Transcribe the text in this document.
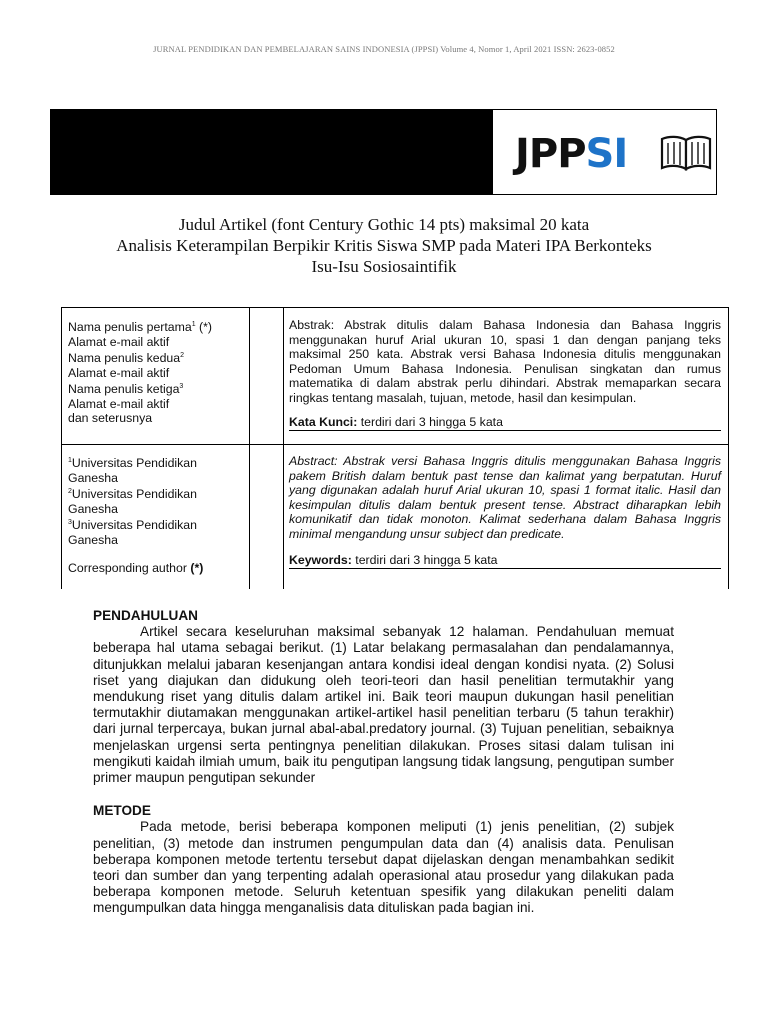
JURNAL PENDIDIKAN DAN PEMBELAJARAN SAINS INDONESIA (JPPSI) Volume 4, Nomor 1, April 2021 ISSN: 2623-0852
JPPSI
Judul Artikel (font Century Gothic 14 pts) maksimal 20 kata
Analisis Keterampilan Berpikir Kritis Siswa SMP pada Materi IPA Berkonteks
Isu-Isu Sosiosaintifik
Nama penulis pertama$^1$ (*)
Alamat e-mail aktif
Nama penulis kedua$^2$
Alamat e-mail aktif
Nama penulis ketiga$^3$
Alamat e-mail aktif
dan seterusnya
Abstrak: Abstrak ditulis dalam Bahasa Indonesia dan Bahasa Inggris menggunakan huruf Arial ukuran 10, spasi 1 dan dengan panjang teks maksimal 250 kata. Abstrak versi Bahasa Indonesia ditulis menggunakan Pedoman Umum Bahasa Indonesia. Penulisan singkatan dan rumus matematika di dalam abstrak perlu dihindari. Abstrak memaparkan secara ringkas tentang masalah, tujuan, metode, hasil dan kesimpulan.
Kata Kunci: terdiri dari 3 hingga 5 kata
$^1$Universitas Pendidikan
Ganesha
$^2$Universitas Pendidikan
Ganesha
$^3$Universitas Pendidikan
Ganesha
Corresponding author (*)
Abstract: Abstrak versi Bahasa Inggris ditulis menggunakan Bahasa Inggris pakem British dalam bentuk past tense dan kalimat yang berpatutan. Huruf yang digunakan adalah huruf Arial ukuran 10, spasi 1 format italic. Hasil dan kesimpulan ditulis dalam bentuk present tense. Abstract diharapkan lebih komunikatif dan tidak monoton. Kalimat sederhana dalam Bahasa Inggris minimal mengandung unsur subject dan predicate.
Keywords: terdiri dari 3 hingga 5 kata
PENDAHULUAN

Artikel secara keseluruhan maksimal sebanyak 12 halaman. Pendahuluan memuat beberapa hal utama sebagai berikut. (1) Latar belakang permasalahan dan pendalamannya, ditunjukkan melalui jabaran kesenjangan antara kondisi ideal dengan kondisi nyata. (2) Solusi riset yang diajukan dan didukung oleh teori-teori dan hasil penelitian termutakhir yang mendukung riset yang ditulis dalam artikel ini. Baik teori maupun dukungan hasil penelitian termutakhir diutamakan menggunakan artikel-artikel hasil penelitian terbaru (5 tahun terakhir) dari jurnal terpercaya, bukan jurnal abal-abal.predatory journal. (3) Tujuan penelitian, sebaiknya menjelaskan urgensi serta pentingnya penelitian dilakukan. Proses sitasi dalam tulisan ini mengikuti kaidah ilmiah umum, baik itu pengutipan langsung tidak langsung, pengutipan sumber primer maupun pengutipan sekunder

METODE

Pada metode, berisi beberapa komponen meliputi (1) jenis penelitian, (2) subjek penelitian, (3) metode dan instrumen pengumpulan data dan (4) analisis data. Penulisan beberapa komponen metode tertentu tersebut dapat dijelaskan dengan menambahkan sedikit teori dan sumber dan yang terpenting adalah operasional atau prosedur yang dilakukan pada beberapa komponen metode. Seluruh ketentuan spesifik yang dilakukan peneliti dalam mengumpulkan data hingga menganalisis data dituliskan pada bagian ini.
